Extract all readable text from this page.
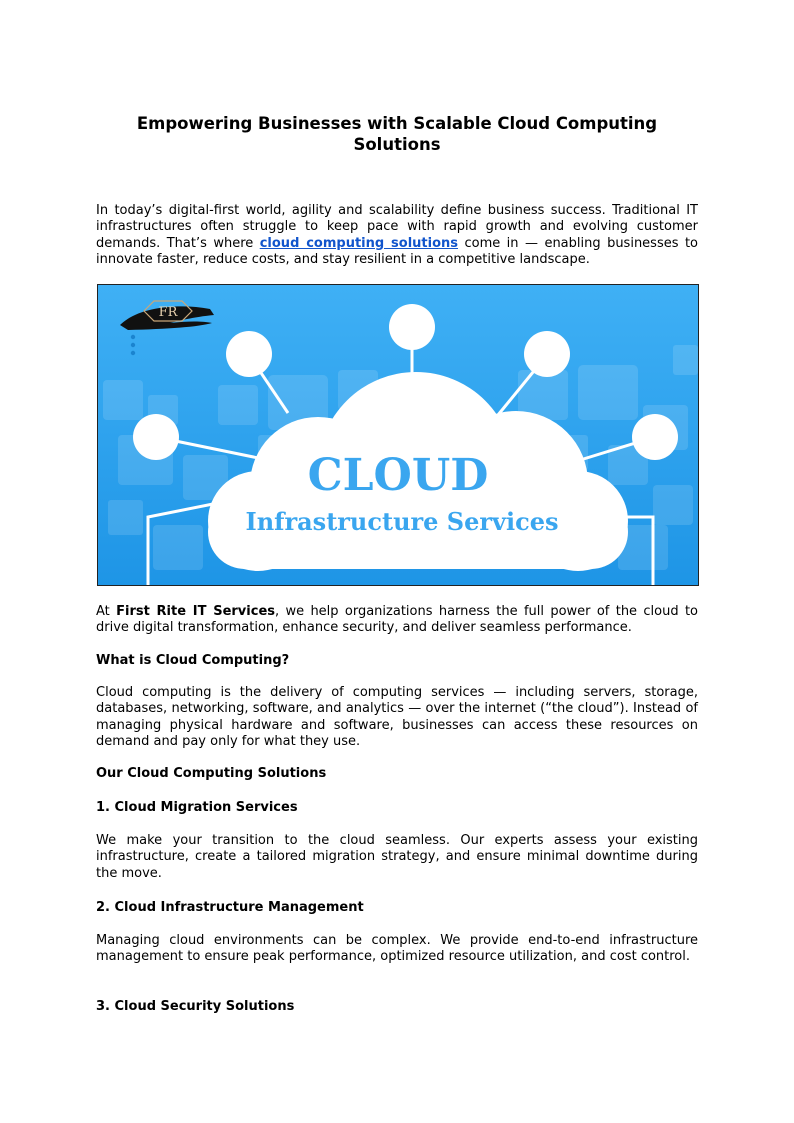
Empowering Businesses with Scalable Cloud Computing Solutions

In today’s digital-first world, agility and scalability define business success. Traditional IT infrastructures often struggle to keep pace with rapid growth and evolving customer demands. That’s where cloud computing solutions come in — enabling businesses to innovate faster, reduce costs, and stay resilient in a competitive landscape.

FR
CLOUD
Infrastructure Services

At First Rite IT Services, we help organizations harness the full power of the cloud to drive digital transformation, enhance security, and deliver seamless performance.

What is Cloud Computing?

Cloud computing is the delivery of computing services — including servers, storage, databases, networking, software, and analytics — over the internet (“the cloud”). Instead of managing physical hardware and software, businesses can access these resources on demand and pay only for what they use.

Our Cloud Computing Solutions
1. Cloud Migration Services

We make your transition to the cloud seamless. Our experts assess your existing infrastructure, create a tailored migration strategy, and ensure minimal downtime during the move.

2. Cloud Infrastructure Management

Managing cloud environments can be complex. We provide end-to-end infrastructure management to ensure peak performance, optimized resource utilization, and cost control.

3. Cloud Security Solutions
